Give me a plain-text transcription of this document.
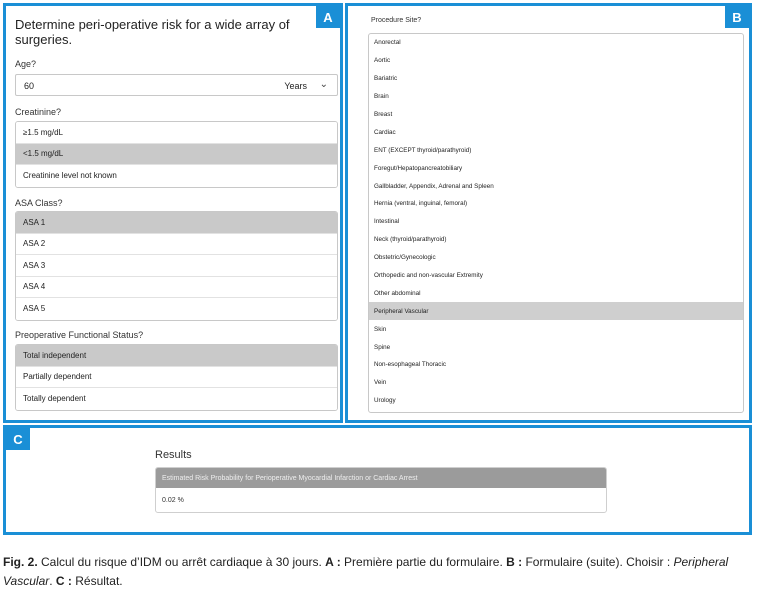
A
Determine peri-operative risk for a wide array of surgeries.
Age?
60	Years ⌄
Creatinine?
≥1.5 mg/dL
<1.5 mg/dL
Creatinine level not known
ASA Class?
ASA 1
ASA 2
ASA 3
ASA 4
ASA 5
Preoperative Functional Status?
Total independent
Partially dependent
Totally dependent
B
Procedure Site?
Anorectal
Aortic
Bariatric
Brain
Breast
Cardiac
ENT (EXCEPT thyroid/parathyroid)
Foregut/Hepatopancreatobiliary
Gallbladder, Appendix, Adrenal and Spleen
Hernia (ventral, inguinal, femoral)
Intestinal
Neck (thyroid/parathyroid)
Obstetric/Gynecologic
Orthopedic and non-vascular Extremity
Other abdominal
Peripheral Vascular
Skin
Spine
Non-esophageal Thoracic
Vein
Urology
C
Results
Estimated Risk Probability for Perioperative Myocardial Infarction or Cardiac Arrest
0.02 %
Fig. 2. Calcul du risque d’IDM ou arrêt cardiaque à 30 jours. A : Première partie du formulaire. B : Formulaire (suite). Choisir : Peripheral Vascular. C : Résultat.
